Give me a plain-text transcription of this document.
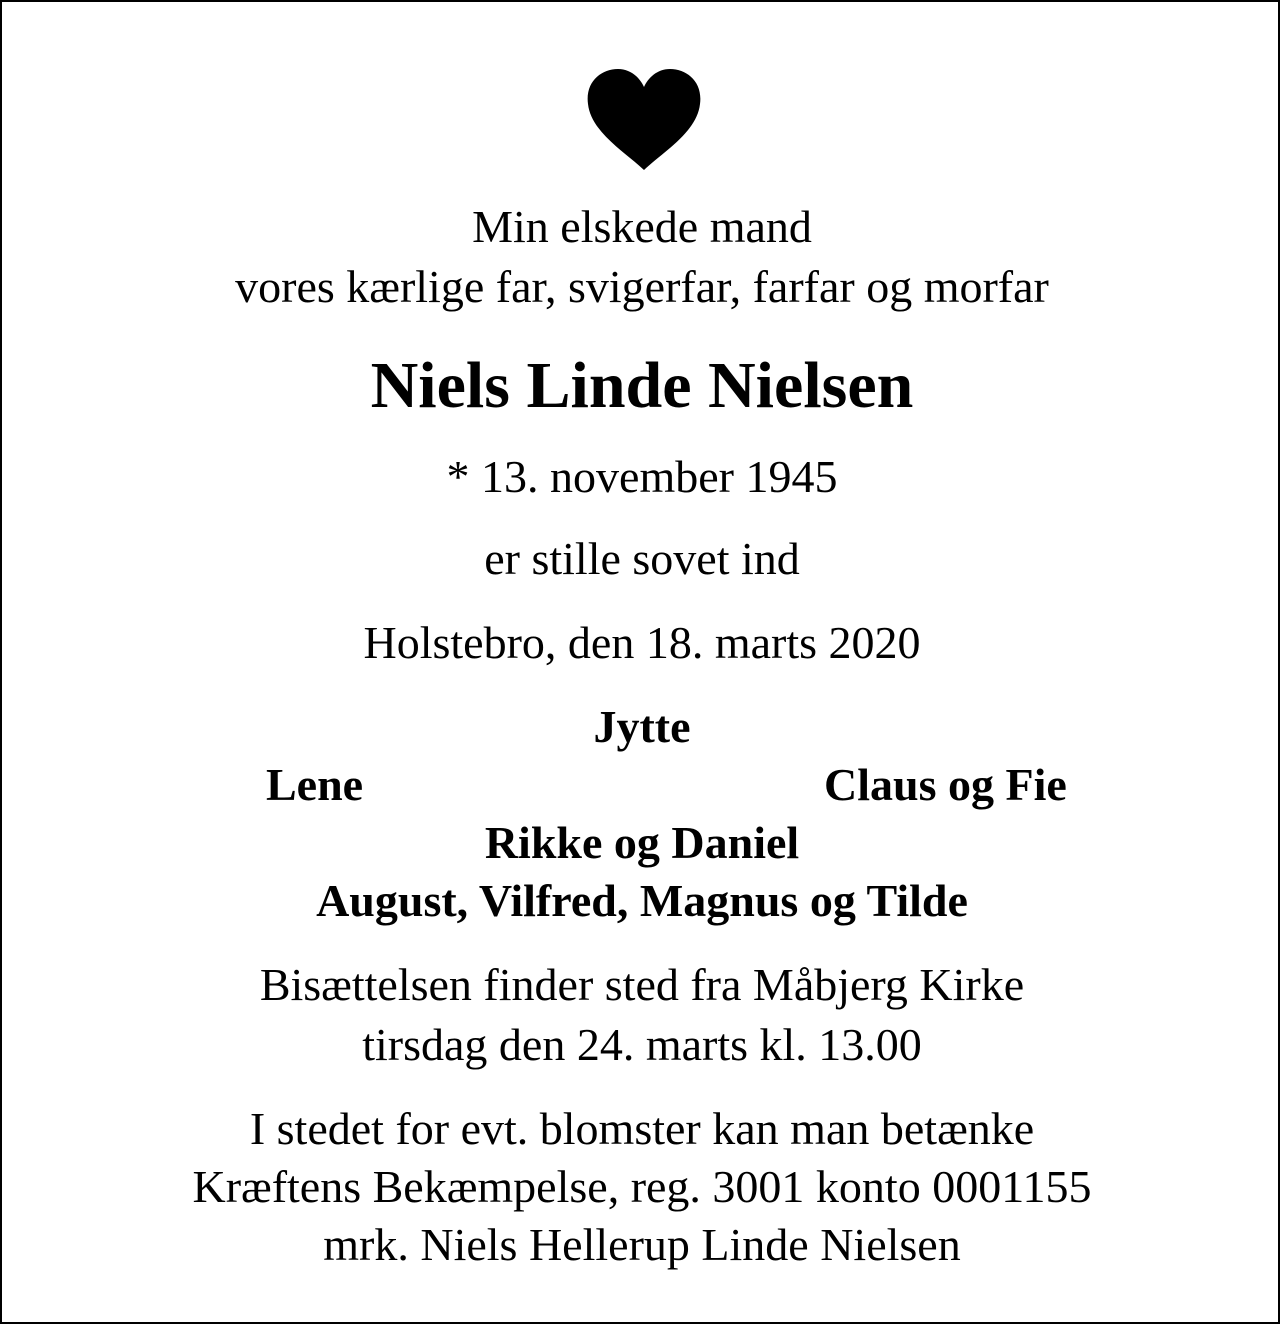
Min elskede mand
vores kærlige far, svigerfar, farfar og morfar
Niels Linde Nielsen
* 13. november 1945
er stille sovet ind
Holstebro, den 18. marts 2020
Jytte
Lene	Claus og Fie
Rikke og Daniel
August, Vilfred, Magnus og Tilde
Bisættelsen finder sted fra Måbjerg Kirke
tirsdag den 24. marts kl. 13.00
I stedet for evt. blomster kan man betænke
Kræftens Bekæmpelse, reg. 3001 konto 0001155
mrk. Niels Hellerup Linde Nielsen
